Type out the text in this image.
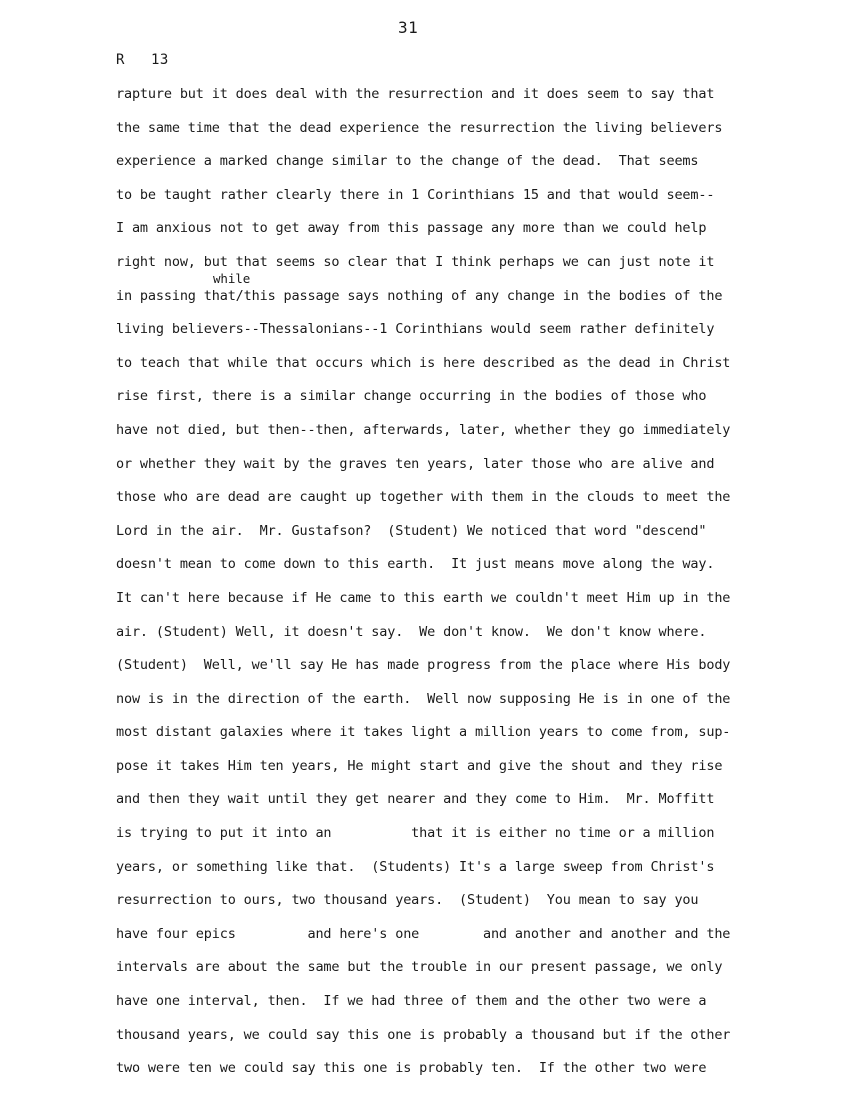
31
R 13
while
rapture but it does deal with the resurrection and it does seem to say that
the same time that the dead experience the resurrection the living believers
experience a marked change similar to the change of the dead.  That seems
to be taught rather clearly there in 1 Corinthians 15 and that would seem--
I am anxious not to get away from this passage any more than we could help
right now, but that seems so clear that I think perhaps we can just note it
in passing that/this passage says nothing of any change in the bodies of the
living believers--Thessalonians--1 Corinthians would seem rather definitely
to teach that while that occurs which is here described as the dead in Christ
rise first, there is a similar change occurring in the bodies of those who
have not died, but then--then, afterwards, later, whether they go immediately
or whether they wait by the graves ten years, later those who are alive and
those who are dead are caught up together with them in the clouds to meet the
Lord in the air.  Mr. Gustafson?  (Student) We noticed that word "descend"
doesn't mean to come down to this earth.  It just means move along the way.
It can't here because if He came to this earth we couldn't meet Him up in the
air. (Student) Well, it doesn't say.  We don't know.  We don't know where.
(Student)  Well, we'll say He has made progress from the place where His body
now is in the direction of the earth.  Well now supposing He is in one of the
most distant galaxies where it takes light a million years to come from, sup-
pose it takes Him ten years, He might start and give the shout and they rise
and then they wait until they get nearer and they come to Him.  Mr. Moffitt
is trying to put it into an          that it is either no time or a million
years, or something like that.  (Students) It's a large sweep from Christ's
resurrection to ours, two thousand years.  (Student)  You mean to say you
have four epics         and here's one        and another and another and the
intervals are about the same but the trouble in our present passage, we only
have one interval, then.  If we had three of them and the other two were a
thousand years, we could say this one is probably a thousand but if the other
two were ten we could say this one is probably ten.  If the other two were
